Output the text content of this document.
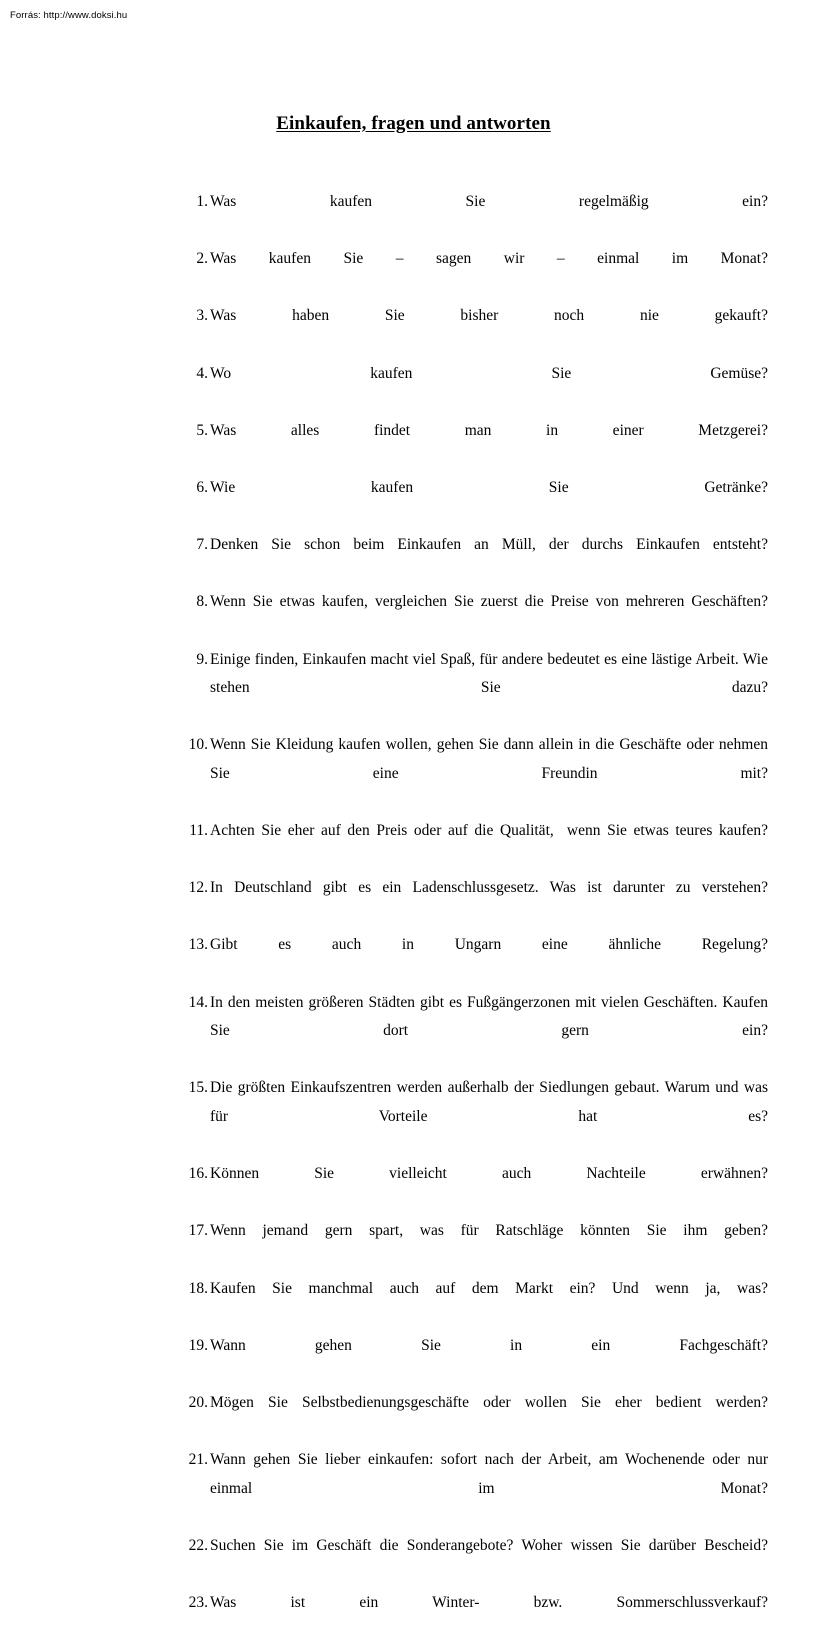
Forrás: http://www.doksi.hu
Einkaufen, fragen und antworten
1. Was kaufen Sie regelmäßig ein?
2. Was kaufen Sie – sagen wir – einmal im Monat?
3. Was haben Sie bisher noch nie gekauft?
4. Wo kaufen Sie Gemüse?
5. Was alles findet man in einer Metzgerei?
6. Wie kaufen Sie Getränke?
7. Denken Sie schon beim Einkaufen an Müll, der durchs Einkaufen entsteht?
8. Wenn Sie etwas kaufen, vergleichen Sie zuerst die Preise von mehreren Geschäften?
9. Einige finden, Einkaufen macht viel Spaß, für andere bedeutet es eine lästige Arbeit. Wie stehen Sie dazu?
10. Wenn Sie Kleidung kaufen wollen, gehen Sie dann allein in die Geschäfte oder nehmen Sie eine Freundin mit?
11. Achten Sie eher auf den Preis oder auf die Qualität,  wenn Sie etwas teures kaufen?
12. In Deutschland gibt es ein Ladenschlussgesetz. Was ist darunter zu verstehen?
13. Gibt es auch in Ungarn eine ähnliche Regelung?
14. In den meisten größeren Städten gibt es Fußgängerzonen mit vielen Geschäften. Kaufen Sie dort gern ein?
15. Die größten Einkaufszentren werden außerhalb der Siedlungen gebaut. Warum und was für Vorteile hat es?
16. Können Sie vielleicht auch Nachteile erwähnen?
17. Wenn jemand gern spart, was für Ratschläge könnten Sie ihm geben?
18. Kaufen Sie manchmal auch auf dem Markt ein? Und wenn ja, was?
19. Wann gehen Sie in ein Fachgeschäft?
20. Mögen Sie Selbstbedienungsgeschäfte oder wollen Sie eher bedient werden?
21. Wann gehen Sie lieber einkaufen: sofort nach der Arbeit, am Wochenende oder nur einmal im Monat?
22. Suchen Sie im Geschäft die Sonderangebote? Woher wissen Sie darüber Bescheid?
23. Was ist ein Winter- bzw. Sommerschlussverkauf?
